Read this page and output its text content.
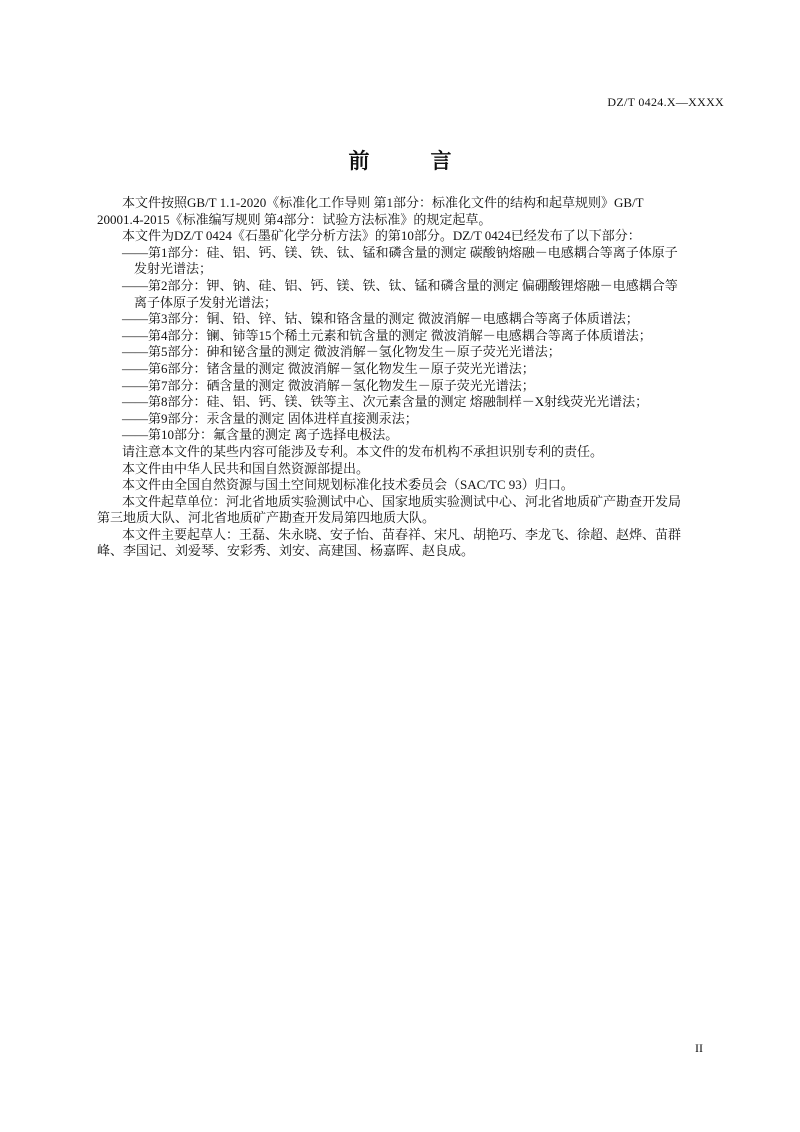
DZ/T 0424.X—XXXX
前　言
本文件按照GB/T 1.1-2020《标准化工作导则 第1部分：标准化文件的结构和起草规则》GB/T
20001.4-2015《标准编写规则 第4部分：试验方法标准》的规定起草。
本文件为DZ/T 0424《石墨矿化学分析方法》的第10部分。DZ/T 0424已经发布了以下部分：
——第1部分：硅、铝、钙、镁、铁、钛、锰和磷含量的测定 碳酸钠熔融－电感耦合等离子体原子
发射光谱法；
——第2部分：钾、钠、硅、铝、钙、镁、铁、钛、锰和磷含量的测定 偏硼酸锂熔融－电感耦合等
离子体原子发射光谱法；
——第3部分：铜、铅、锌、钴、镍和铬含量的测定 微波消解－电感耦合等离子体质谱法；
——第4部分：镧、铈等15个稀土元素和钪含量的测定 微波消解－电感耦合等离子体质谱法；
——第5部分：砷和铋含量的测定 微波消解－氢化物发生－原子荧光光谱法；
——第6部分：锗含量的测定 微波消解－氢化物发生－原子荧光光谱法；
——第7部分：硒含量的测定 微波消解－氢化物发生－原子荧光光谱法；
——第8部分：硅、铝、钙、镁、铁等主、次元素含量的测定 熔融制样－X射线荧光光谱法；
——第9部分：汞含量的测定 固体进样直接测汞法；
——第10部分：氟含量的测定 离子选择电极法。
请注意本文件的某些内容可能涉及专利。本文件的发布机构不承担识别专利的责任。
本文件由中华人民共和国自然资源部提出。
本文件由全国自然资源与国土空间规划标准化技术委员会（SAC/TC 93）归口。
本文件起草单位：河北省地质实验测试中心、国家地质实验测试中心、河北省地质矿产勘查开发局
第三地质大队、河北省地质矿产勘查开发局第四地质大队。
本文件主要起草人：王磊、朱永晓、安子怡、苗春祥、宋凡、胡艳巧、李龙飞、徐超、赵烨、苗群
峰、李国记、刘爱琴、安彩秀、刘安、高建国、杨嘉晖、赵良成。
II
